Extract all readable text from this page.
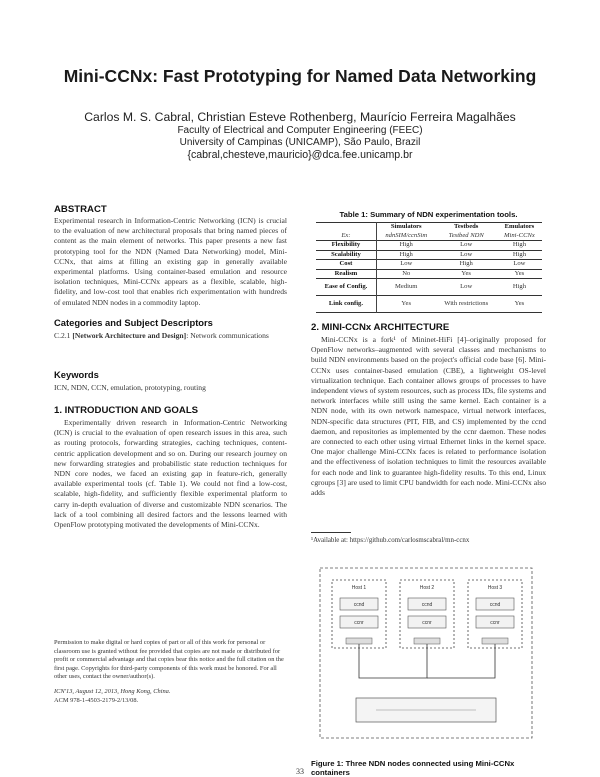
Mini-CCNx: Fast Prototyping for Named Data Networking
Carlos M. S. Cabral, Christian Esteve Rothenberg, Maurício Ferreira Magalhães
Faculty of Electrical and Computer Engineering (FEEC)
University of Campinas (UNICAMP), São Paulo, Brazil
{cabral,chesteve,mauricio}@dca.fee.unicamp.br
ABSTRACT
Experimental research in Information-Centric Networking (ICN) is crucial to the evaluation of new architectural proposals that bring named pieces of content as the main element of networks. This paper presents a new fast prototyping tool for the NDN (Named Data Networking) model, Mini-CCNx, that aims at filling an existing gap in generally available experimental platforms. Using container-based emulation and resource isolation techniques, Mini-CCNx appears as a flexible, scalable, high-fidelity, and low-cost tool that enables rich experimentation with hundreds of emulated NDN nodes in a commodity laptop.
Categories and Subject Descriptors
C.2.1 [Network Architecture and Design]: Network communications
Keywords
ICN, NDN, CCN, emulation, prototyping, routing
1. INTRODUCTION AND GOALS
Experimentally driven research in Information-Centric Networking (ICN) is crucial to the evaluation of open research issues in this area, such as routing protocols, forwarding strategies, caching techniques, content-centric application development and so on. During our research journey on new forwarding strategies and probabilistic state reduction techniques for NDN core nodes, we faced an existing gap in feature-rich, generally available experimental tools (cf. Table 1). We could not find a low-cost, scalable, high-fidelity, and sufficiently flexible experimental platform to carry in-depth evaluation of diverse and customizable NDN scenarios. The lack of a tool combining all desired factors and the lessons learned with OpenFlow prototyping motivated the developments of Mini-CCNx.
Permission to make digital or hard copies of part or all of this work for personal or classroom use is granted without fee provided that copies are not made or distributed for profit or commercial advantage and that copies bear this notice and the full citation on the first page. Copyrights for third-party components of this work must be honored. For all other uses, contact the owner/author(s).
ICN'13, August 12, 2013, Hong Kong, China.
ACM 978-1-4503-2179-2/13/08.
Table 1: Summary of NDN experimentation tools.
	Simulators	Testbeds	Emulators
Ex:	ndnSIM/ccnSim	Testbed NDN	Mini-CCNx
Flexibility	High	Low	High
Scalability	High	Low	High
Cost	Low	High	Low
Realism	No	Yes	Yes
Ease of Config.	Medium	Low	High
Link config.	Yes	With restrictions	Yes
2. MINI-CCNx ARCHITECTURE
Mini-CCNx is a fork¹ of Mininet-HiFi [4]–originally proposed for OpenFlow networks–augmented with several classes and mechanisms to build NDN environments based on the project's official code base [6]. Mini-CCNx uses container-based emulation (CBE), a lightweight OS-level virtualization technique. Each container allows groups of processes to have independent views of system resources, such as process IDs, file systems and network interfaces while still using the same kernel. Each container is a NDN node, with its own network namespace, virtual network interfaces, NDN-specific data structures (PIT, FIB, and CS) implemented by the ccnd daemon, and repositories as implemented by the ccnr daemon. These nodes are connected to each other using virtual Ethernet links in the kernel space. One major challenge Mini-CCNx faces is related to performance isolation and the effectiveness of isolation techniques to limit the resources available for each node and link to guarantee high-fidelity results. To this end, Linux cgroups [3] are used to limit CPU bandwidth for each node. Mini-CCNx also adds
¹Available at: https://github.com/carlosmscabral/mn-ccnx
Host 1	Host 2	Host 3
ccnd	ccnd	ccnd
ccnr	ccnr	ccnr
Figure 1: Three NDN nodes connected using Mini-CCNx containers
33
